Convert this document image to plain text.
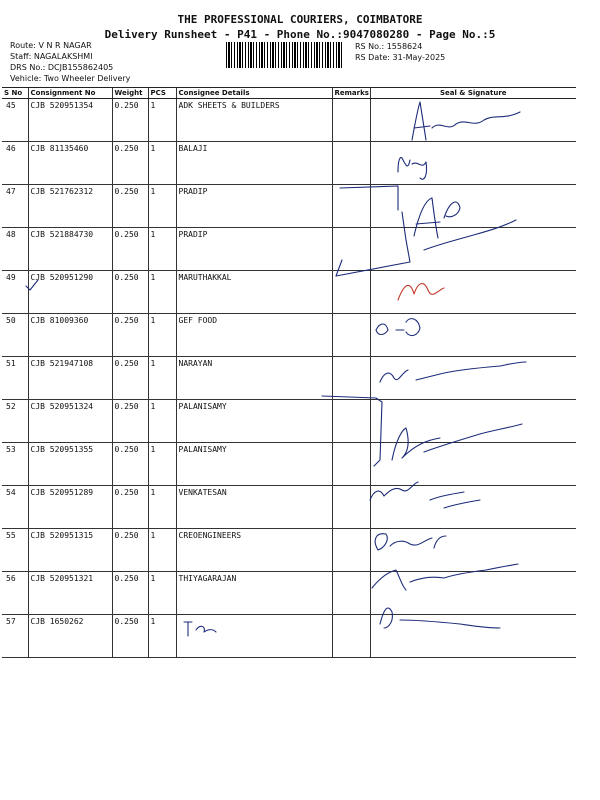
THE PROFESSIONAL COURIERS, COIMBATORE
Delivery Runsheet - P41 - Phone No.:9047080280 - Page No.:5
Route: V N R NAGAR
Staff: NAGALAKSHMI
DRS No.: DCJB155862405
Vehicle: Two Wheeler Delivery
RS No.: 1558624
RS Date: 31-May-2025
S No	Consignment No	Weight	PCS	Consignee Details	Remarks	Seal & Signature
45	CJB 520951354	0.250	1	ADK SHEETS & BUILDERS		
46	CJB 81135460	0.250	1	BALAJI		
47	CJB 521762312	0.250	1	PRADIP		
48	CJB 521884730	0.250	1	PRADIP		
49	CJB 520951290	0.250	1	MARUTHAKKAL		
50	CJB 81009360	0.250	1	GEF FOOD		
51	CJB 521947108	0.250	1	NARAYAN		
52	CJB 520951324	0.250	1	PALANISAMY		
53	CJB 520951355	0.250	1	PALANISAMY		
54	CJB 520951289	0.250	1	VENKATESAN		
55	CJB 520951315	0.250	1	CREOENGINEERS		
56	CJB 520951321	0.250	1	THIYAGARAJAN		
57	CJB 1650262	0.250	1			
